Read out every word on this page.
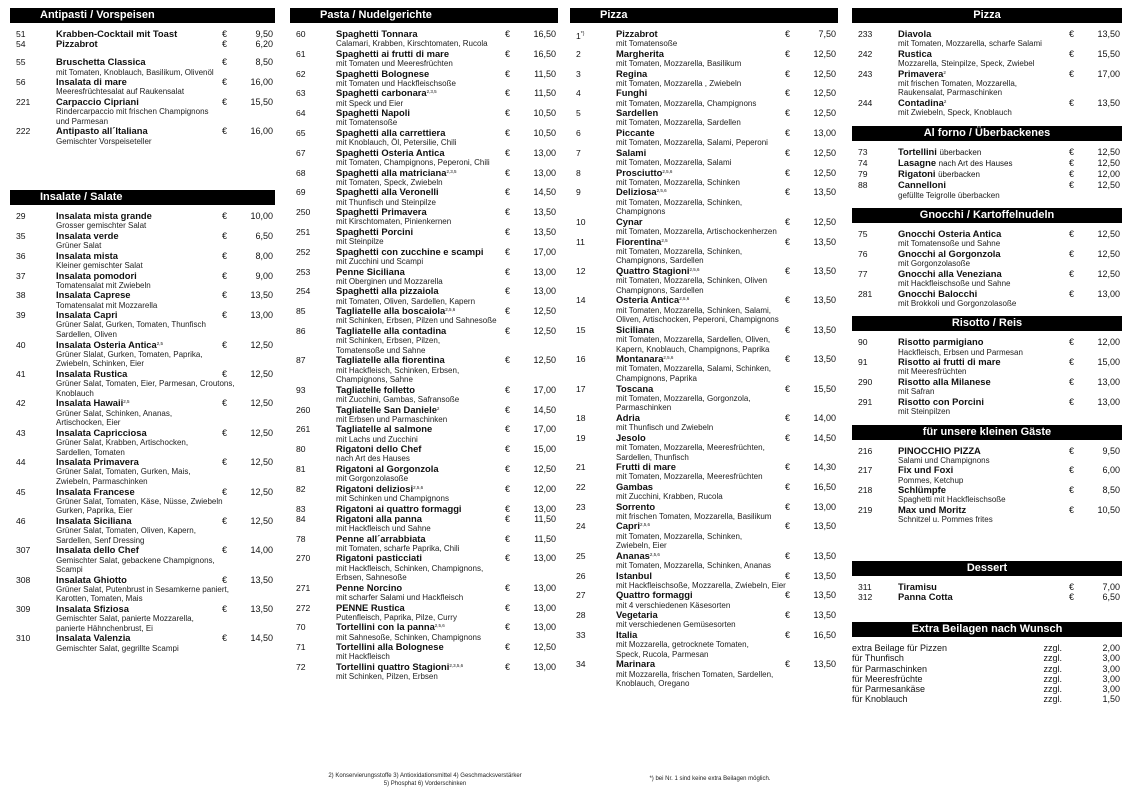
Antipasti / Vorspeisen
51	Krabben-Cocktail mit Toast	€	9,50
54	Pizzabrot	€	6,20
55	Bruschetta Classica	€	8,50
mit Tomaten, Knoblauch, Basilikum, Olivenöl
56	Insalata di mare	€	16,00
Meeresfrüchtesalat auf Raukensalat
221	Carpaccio Cipriani	€	15,50
Rindercarpaccio mit frischen Champignons
und Parmesan
222	Antipasto all´Italiana	€	16,00
Gemischter Vorspeiseteller
Insalate / Salate
29	Insalata mista grande	€	10,00
Grosser gemischter Salat
35	Insalata verde	€	6,50
Grüner Salat
36	Insalata mista	€	8,00
Kleiner gemischter Salat
37	Insalata pomodori	€	9,00
Tomatensalat mit Zwiebeln
38	Insalata Caprese	€	13,50
Tomatensalat mit Mozzarella
39	Insalata Capri	€	13,00
Grüner Salat, Gurken, Tomaten, Thunfisch
Sardellen, Oliven
40	Insalata Osteria Antica$^{2,5}$	€	12,50
Grüner Slalat, Gurken, Tomaten, Paprika,
Zwiebeln, Schinken, Eier
41	Insalata Rustica	€	12,50
Grüner Salat, Tomaten, Eier, Parmesan, Croutons,
Knoblauch
42	Insalata Hawaii$^{2,5}$	€	12,50
Grüner Salat, Schinken, Ananas,
Artischocken, Eier
43	Insalata Capricciosa	€	12,50
Grüner Salat, Krabben, Artischocken,
Sardellen, Tomaten
44	Insalata Primavera	€	12,50
Grüner Salat, Tomaten, Gurken, Mais,
Zwiebeln, Parmaschinken
45	Insalata Francese	€	12,50
Grüner Salat, Tomaten, Käse, Nüsse, Zwiebeln
Gurken, Paprika, Eier
46	Insalata Siciliana	€	12,50
Grüner Salat, Tomaten, Oliven, Kapern,
Sardellen, Senf Dressing
307	Insalata dello Chef	€	14,00
Gemischter Salat, gebackene Champignons,
Scampi
308	Insalata Ghiotto	€	13,50
Grüner Salat, Putenbrust in Sesamkerne paniert,
Karotten, Tomaten, Mais
309	Insalata Sfiziosa	€	13,50
Gemischter Salat, panierte Mozzarella,
panierte Hähnchenbrust, Ei
310	Insalata Valenzia	€	14,50
Gemischter Salat, gegrillte Scampi
Pasta / Nudelgerichte
60	Spaghetti Tonnara	€	16,50
Calamari, Krabben, Kirschtomaten, Rucola
61	Spaghetti ai frutti di mare	€	16,50
mit Tomaten und Meeresfrüchten
62	Spaghetti Bolognese	€	11,50
mit Tomaten und Hackfleischsoße
63	Spaghetti carbonara$^{2,3,5}$	€	11,50
mit Speck und Eier
64	Spaghetti Napoli	€	10,50
mit Tomatensoße
65	Spaghetti alla carrettiera	€	10,50
mit Knoblauch, Öl, Petersilie, Chili
67	Spaghetti Osteria Antica	€	13,00
mit Tomaten, Champignons, Peperoni, Chili
68	Spaghetti alla matriciana$^{2,3,5}$	€	13,00
mit Tomaten, Speck, Zwiebeln
69	Spaghetti alla Veronelli	€	14,50
mit Thunfisch und Steinpilze
250	Spaghetti Primavera	€	13,50
mit Kirschtomaten, Pinienkernen
251	Spaghetti Porcini	€	13,50
mit Steinpilze
252	Spaghetti con zucchine e scampi	€	17,00
mit Zucchini und Scampi
253	Penne Siciliana	€	13,00
mit Oberginen und Mozzarella
254	Spaghetti alla pizzaiola	€	13,00
mit Tomaten, Oliven, Sardellen, Kapern
85	Tagliatelle alla boscaiola$^{2,5,6}$	€	12,50
mit Schinken, Erbsen, Pilzen und Sahnesoße
86	Tagliatelle alla contadina	€	12,50
mit Schinken, Erbsen, Pilzen,
Tomatensoße und Sahne
87	Tagliatelle alla fiorentina	€	12,50
mit Hackfleisch, Schinken, Erbsen,
Champignons, Sahne
93	Tagliatelle folletto	€	17,00
mit Zucchini, Gambas, Safransoße
260	Tagliatelle San Daniele$^2$	€	14,50
mit Erbsen und Parmaschinken
261	Tagliatelle al salmone	€	17,00
mit Lachs und Zucchini
80	Rigatoni dello Chef	€	15,00
nach Art des Hauses
81	Rigatoni al Gorgonzola	€	12,50
mit Gorgonzolasoße
82	Rigatoni deliziosi$^{2,5,6}$	€	12,00
mit Schinken und Champignons
83	Rigatoni ai quattro formaggi	€	13,00
84	Rigatoni alla panna	€	11,50
mit Hackfleisch und Sahne
78	Penne all´arrabbiata	€	11,50
mit Tomaten, scharfe Paprika, Chili
270	Rigatoni pasticciati	€	13,00
mit Hackfleisch, Schinken, Champignons,
Erbsen, Sahnesoße
271	Penne Norcino	€	13,00
mit scharfer Salami und Hackfleisch
272	PENNE Rustica	€	13,00
Putenfleisch, Paprika, Pilze, Curry
70	Tortellini con la panna$^{2,5,6}$	€	13,00
mit Sahnesoße, Schinken, Champignons
71	Tortellini alla Bolognese	€	12,50
mit Hackfleisch
72	Tortellini quattro Stagioni$^{2,3,5,6}$	€	13,00
mit Schinken, Pilzen, Erbsen
Pizza
1*)	Pizzabrot	€	7,50
mit Tomatensoße
2	Margherita	€	12,50
mit Tomaten, Mozzarella, Basilikum
3	Regina	€	12,50
mit Tomaten, Mozzarella , Zwiebeln
4	Funghi	€	12,50
mit Tomaten, Mozzarella, Champignons
5	Sardellen	€	12,50
mit Tomaten, Mozzarella, Sardellen
6	Piccante	€	13,00
mit Tomaten, Mozzarella, Salami, Peperoni
7	Salami	€	12,50
mit Tomaten, Mozzarella, Salami
8	Prosciutto$^{2,5,6}$	€	12,50
mit Tomaten, Mozzarella, Schinken
9	Deliziosa$^{2,5,6}$	€	13,50
mit Tomaten, Mozzarella, Schinken,
Champignons
10	Cynar	€	12,50
mit Tomaten, Mozzarella, Artischockenherzen
11	Fiorentina$^{2,5}$	€	13,50
mit Tomaten, Mozzarella, Schinken,
Champignons, Sardellen
12	Quattro Stagioni$^{2,5,6}$	€	13,50
mit Tomaten, Mozzarella, Schinken, Oliven
Champignons, Sardellen
14	Osteria Antica$^{2,5,6}$	€	13,50
mit Tomaten, Mozzarella, Schinken, Salami,
Oliven, Artischocken, Peperoni, Champignons
15	Siciliana	€	13,50
mit Tomaten, Mozzarella, Sardellen, Oliven,
Kapern, Knoblauch, Champignons, Paprika
16	Montanara$^{2,5,6}$	€	13,50
mit Tomaten, Mozzarella, Salami, Schinken,
Champignons, Paprika
17	Toscana	€	15,50
mit Tomaten, Mozzarella, Gorgonzola,
Parmaschinken
18	Adria	€	14,00
mit Thunfisch und Zwiebeln
19	Jesolo	€	14,50
mit Tomaten, Mozzarella, Meeresfrüchten,
Sardellen, Thunfisch
21	Frutti di mare	€	14,30
mit Tomaten, Mozzarella, Meeresfrüchten
22	Gambas	€	16,50
mit Zucchini, Krabben, Rucola
23	Sorrento	€	13,00
mit frischen Tomaten, Mozzarella, Basilikum
24	Capri$^{2,5,6}$	€	13,50
mit Tomaten, Mozzarella, Schinken,
Zwiebeln, Eier
25	Ananas$^{2,5,6}$	€	13,50
mit Tomaten, Mozzarella, Schinken, Ananas
26	Istanbul	€	13,50
mit Hackfleischsoße, Mozzarella, Zwiebeln, Eier
27	Quattro formaggi	€	13,50
mit 4 verschiedenen Käsesorten
28	Vegetaria	€	13,50
mit verschiedenen Gemüsesorten
33	Italia	€	16,50
mit Mozzarella, getrocknete Tomaten,
Speck, Rucola, Parmesan
34	Marinara	€	13,50
mit Mozzarella, frischen Tomaten, Sardellen,
Knoblauch, Oregano
Pizza
233	Diavola	€	13,50
mit Tomaten, Mozzarella, scharfe Salami
242	Rustica	€	15,50
Mozzarella, Steinpilze, Speck, Zwiebel
243	Primavera$^2$	€	17,00
mit frischen Tomaten, Mozzarella,
Raukensalat, Parmaschinken
244	Contadina$^2$	€	13,50
mit Zwiebeln, Speck, Knoblauch
Al forno / Überbackenes
73	Tortellini überbacken	€	12,50
74	Lasagne nach Art des Hauses	€	12,50
79	Rigatoni überbacken	€	12,00
88	Cannelloni	€	12,50
gefüllte Teigrolle überbacken
Gnocchi / Kartoffelnudeln
75	Gnocchi Osteria Antica	€	12,50
mit Tomatensoße und Sahne
76	Gnocchi al Gorgonzola	€	12,50
mit Gorgonzolasoße
77	Gnocchi alla Veneziana	€	12,50
mit Hackfleischsoße und Sahne
281	Gnocchi Balocchi	€	13,00
mit Brokkoli und Gorgonzolasoße
Risotto / Reis
90	Risotto parmigiano	€	12,00
Hackfleisch, Erbsen und Parmesan
91	Risotto ai frutti di mare	€	15,00
mit Meeresfrüchten
290	Risotto alla Milanese	€	13,00
mit Safran
291	Risotto con Porcini	€	13,00
mit Steinpilzen
für unsere kleinen Gäste
216	PINOCCHIO PIZZA	€	9,50
Salami und Champignons
217	Fix und Foxi	€	6,00
Pommes, Ketchup
218	Schlümpfe	€	8,50
Spaghetti mit Hackfleischsoße
219	Max und Moritz	€	10,50
Schnitzel u. Pommes frites
Dessert
311	Tiramisu	€	7,00
312	Panna Cotta	€	6,50
Extra Beilagen nach Wunsch
extra Beilage für Pizzen	zzgl.	2,00
für Thunfisch	zzgl.	3,00
für Parmaschinken	zzgl.	3,00
für Meeresfrüchte	zzgl.	3,00
für Parmesankäse	zzgl.	3,00
für Knoblauch	zzgl.	1,50
2) Konservierungsstoffe 3) Antioxidationsmittel 4) Geschmacksverstärker
5) Phosphat 6) Vorderschinken
*) bei Nr. 1 sind keine extra Beilagen möglich.
